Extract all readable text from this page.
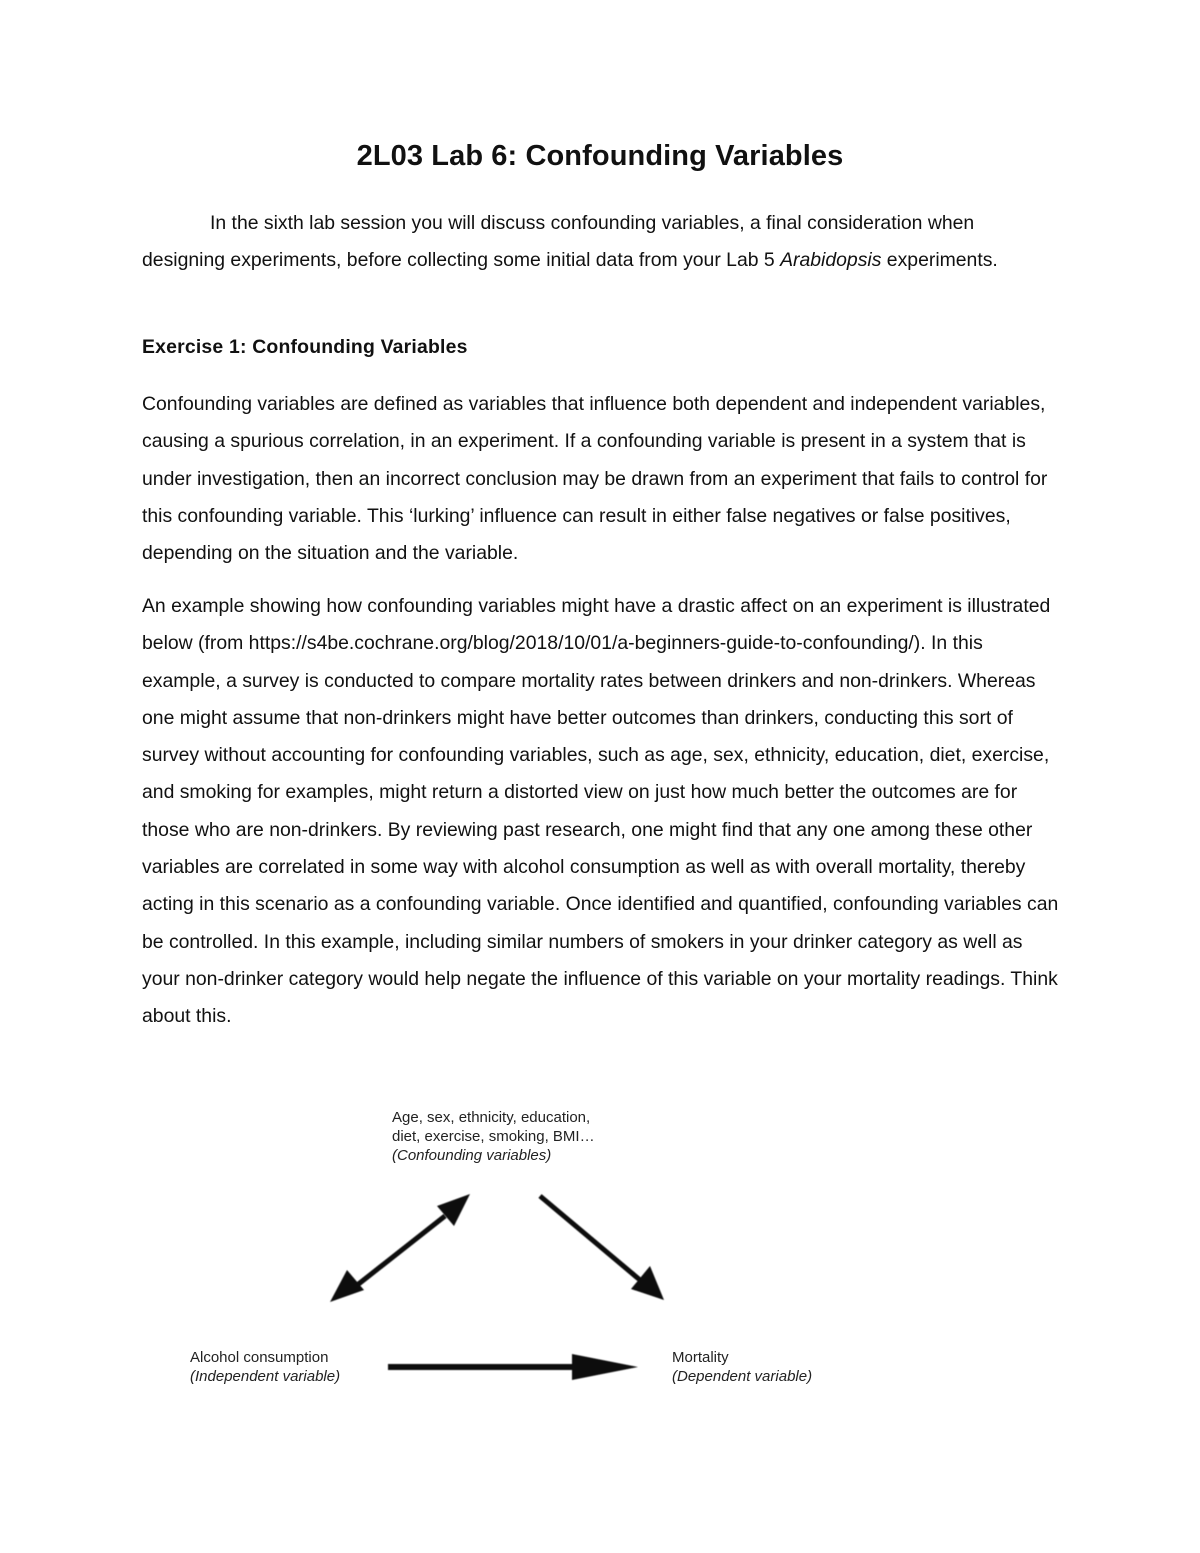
2L03 Lab 6: Confounding Variables

In the sixth lab session you will discuss confounding variables, a final consideration when designing experiments, before collecting some initial data from your Lab 5 Arabidopsis experiments.

Exercise 1: Confounding Variables

Confounding variables are defined as variables that influence both dependent and independent variables, causing a spurious correlation, in an experiment. If a confounding variable is present in a system that is under investigation, then an incorrect conclusion may be drawn from an experiment that fails to control for this confounding variable. This ‘lurking’ influence can result in either false negatives or false positives, depending on the situation and the variable.

An example showing how confounding variables might have a drastic affect on an experiment is illustrated below (from https://s4be.cochrane.org/blog/2018/10/01/a-beginners-guide-to-confounding/). In this example, a survey is conducted to compare mortality rates between drinkers and non-drinkers. Whereas one might assume that non-drinkers might have better outcomes than drinkers, conducting this sort of survey without accounting for confounding variables, such as age, sex, ethnicity, education, diet, exercise, and smoking for examples, might return a distorted view on just how much better the outcomes are for those who are non-drinkers. By reviewing past research, one might find that any one among these other variables are correlated in some way with alcohol consumption as well as with overall mortality, thereby acting in this scenario as a confounding variable. Once identified and quantified, confounding variables can be controlled. In this example, including similar numbers of smokers in your drinker category as well as your non-drinker category would help negate the influence of this variable on your mortality readings. Think about this.

Age, sex, ethnicity, education,
diet, exercise, smoking, BMI…
(Confounding variables)
Alcohol consumption
(Independent variable)
Mortality
(Dependent variable)
